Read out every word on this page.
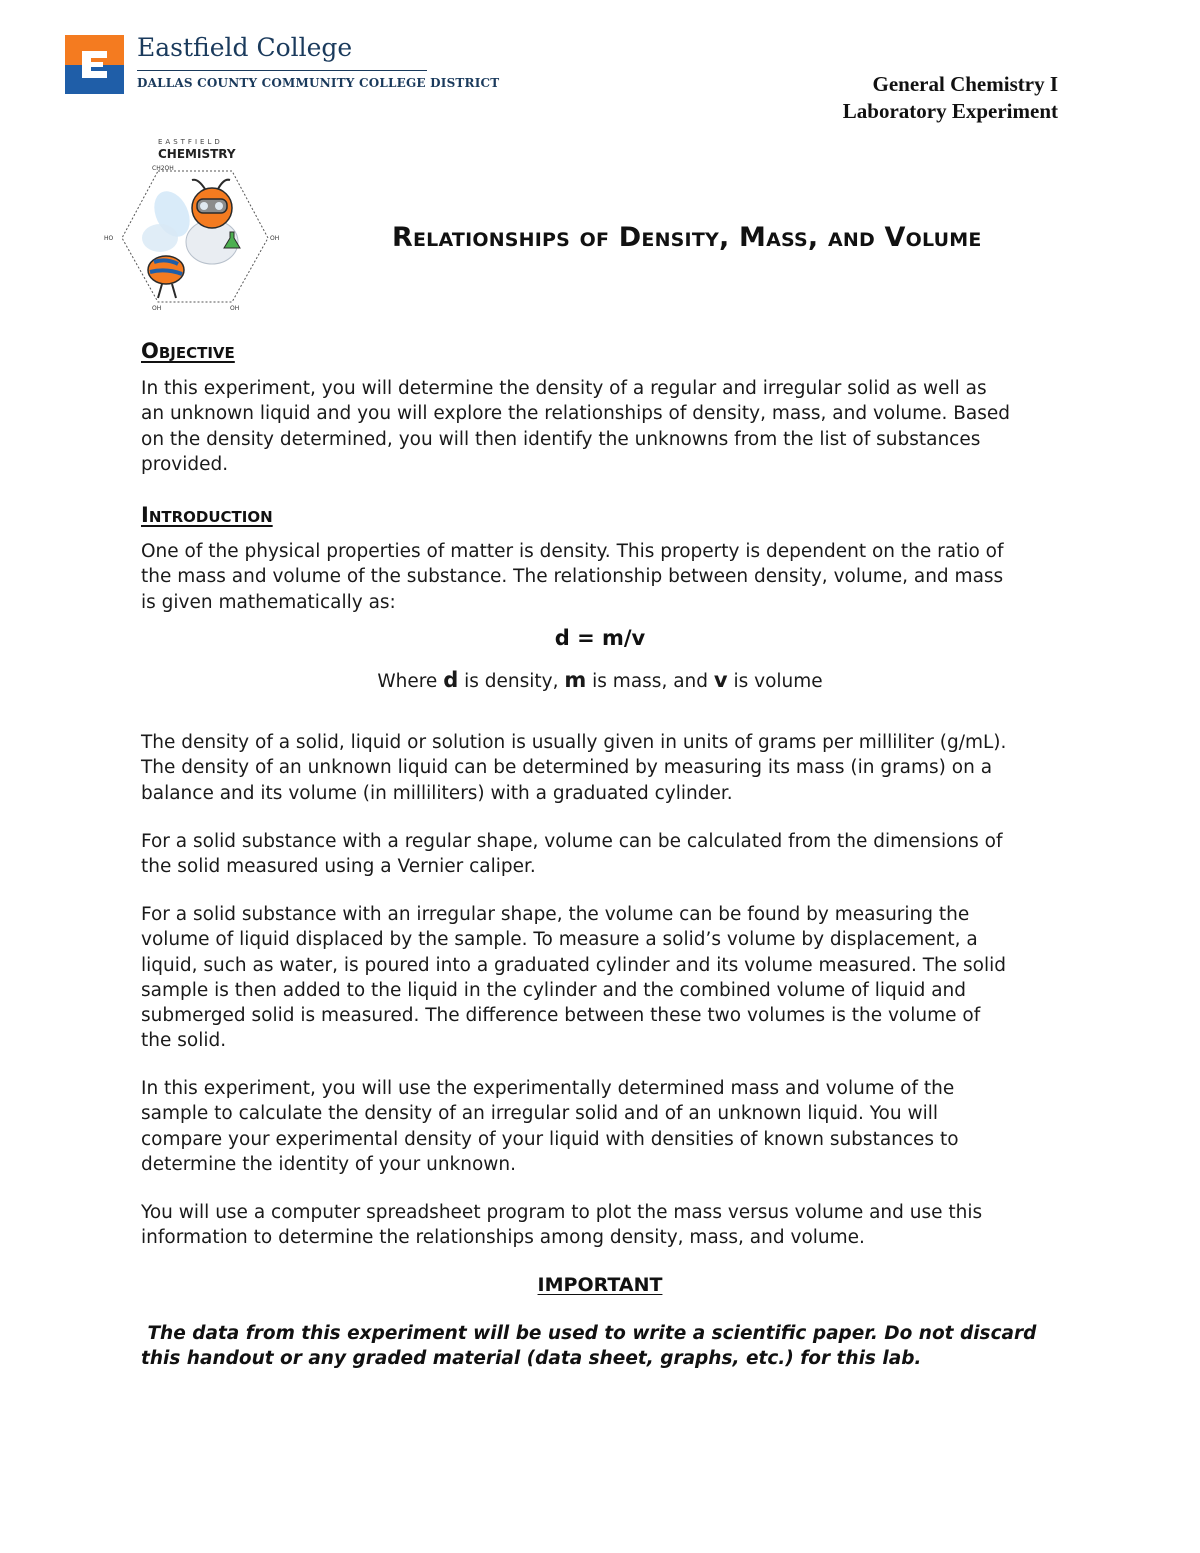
Eastfield College
DALLAS COUNTY COMMUNITY COLLEGE DISTRICT	General Chemistry I
Laboratory Experiment
EASTFIELD
CHEMISTRY
CH2OH
HO	OH
OH	OH
Relationships of Density, Mass, and Volume
Objective
In this experiment, you will determine the density of a regular and irregular solid as well as
an unknown liquid and you will explore the relationships of density, mass, and volume. Based
on the density determined, you will then identify the unknowns from the list of substances
provided.
Introduction
One of the physical properties of matter is density. This property is dependent on the ratio of
the mass and volume of the substance. The relationship between density, volume, and mass
is given mathematically as:
d = m/v
Where d is density, m is mass, and v is volume
The density of a solid, liquid or solution is usually given in units of grams per milliliter (g/mL).
The density of an unknown liquid can be determined by measuring its mass (in grams) on a
balance and its volume (in milliliters) with a graduated cylinder.
For a solid substance with a regular shape, volume can be calculated from the dimensions of
the solid measured using a Vernier caliper.
For a solid substance with an irregular shape, the volume can be found by measuring the
volume of liquid displaced by the sample. To measure a solid’s volume by displacement, a
liquid, such as water, is poured into a graduated cylinder and its volume measured. The solid
sample is then added to the liquid in the cylinder and the combined volume of liquid and
submerged solid is measured. The difference between these two volumes is the volume of
the solid.
In this experiment, you will use the experimentally determined mass and volume of the
sample to calculate the density of an irregular solid and of an unknown liquid. You will
compare your experimental density of your liquid with densities of known substances to
determine the identity of your unknown.
You will use a computer spreadsheet program to plot the mass versus volume and use this
information to determine the relationships among density, mass, and volume.
IMPORTANT
The data from this experiment will be used to write a scientific paper. Do not discard
this handout or any graded material (data sheet, graphs, etc.) for this lab.
